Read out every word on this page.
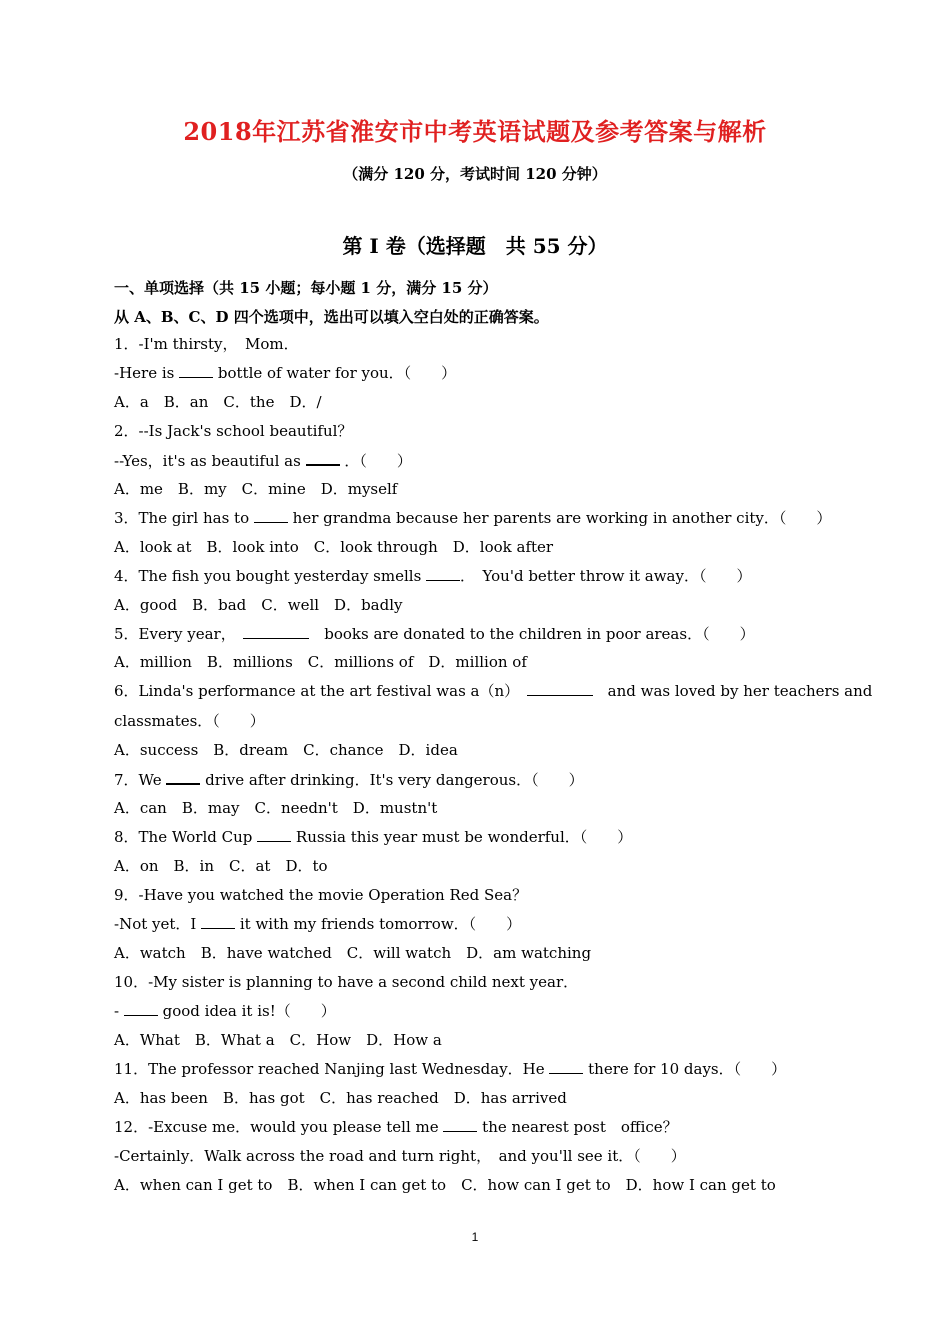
2018年江苏省淮安市中考英语试题及参考答案与解析
（满分 120 分，考试时间 120 分钟）
第 I 卷（选择题　共 55 分）
一、单项选择（共 15 小题；每小题 1 分，满分 15 分）
从 A、B、C、D 四个选项中，选出可以填入空白处的正确答案。
1．-I'm thirsty，　Mom．
-Here is  bottle of water for you．（　　）
A．a　B．an　C．the　D．/
2．--Is Jack's school beautiful？
--Yes，it's as beautiful as  ．（　　）
A．me　B．my　C．mine　D．myself
3．The girl has to  her grandma because her parents are working in another city．（　　）
A．look at　B．look into　C．look through　D．look after
4．The fish you bought yesterday smells ．　You'd better throw it away．（　　）
A．good　B．bad　C．well　D．badly
5．Every year，　	　books are donated to the children in poor areas．（　　）
A．million　B．millions　C．millions of　D．million of
6．Linda's performance at the art festival was a（n）　	　and was loved by her teachers and
classmates．（　　）
A．success　B．dream　C．chance　D．idea
7．We  drive after drinking．It's very dangerous．（　　）
A．can　B．may　C．needn't　D．mustn't
8．The World Cup  Russia this year must be wonderful．（　　）
A．on　B．in　C．at　D．to
9．-Have you watched the movie Operation Red Sea？
-Not yet．I  it with my friends tomorrow．（　　）
A．watch　B．have watched　C．will watch　D．am watching
10．-My sister is planning to have a second child next year．
-  good idea it is!（　　）
A．What　B．What a　C．How　D．How a
11．The professor reached Nanjing last Wednesday．He  there for 10 days．（　　）
A．has been　B．has got　C．has reached　D．has arrived
12．-Excuse me．would you please tell me  the nearest post　office？
-Certainly．Walk across the road and turn right，　and you'll see it．（　　）
A．when can I get to　B．when I can get to　C．how can I get to　D．how I can get to
1
